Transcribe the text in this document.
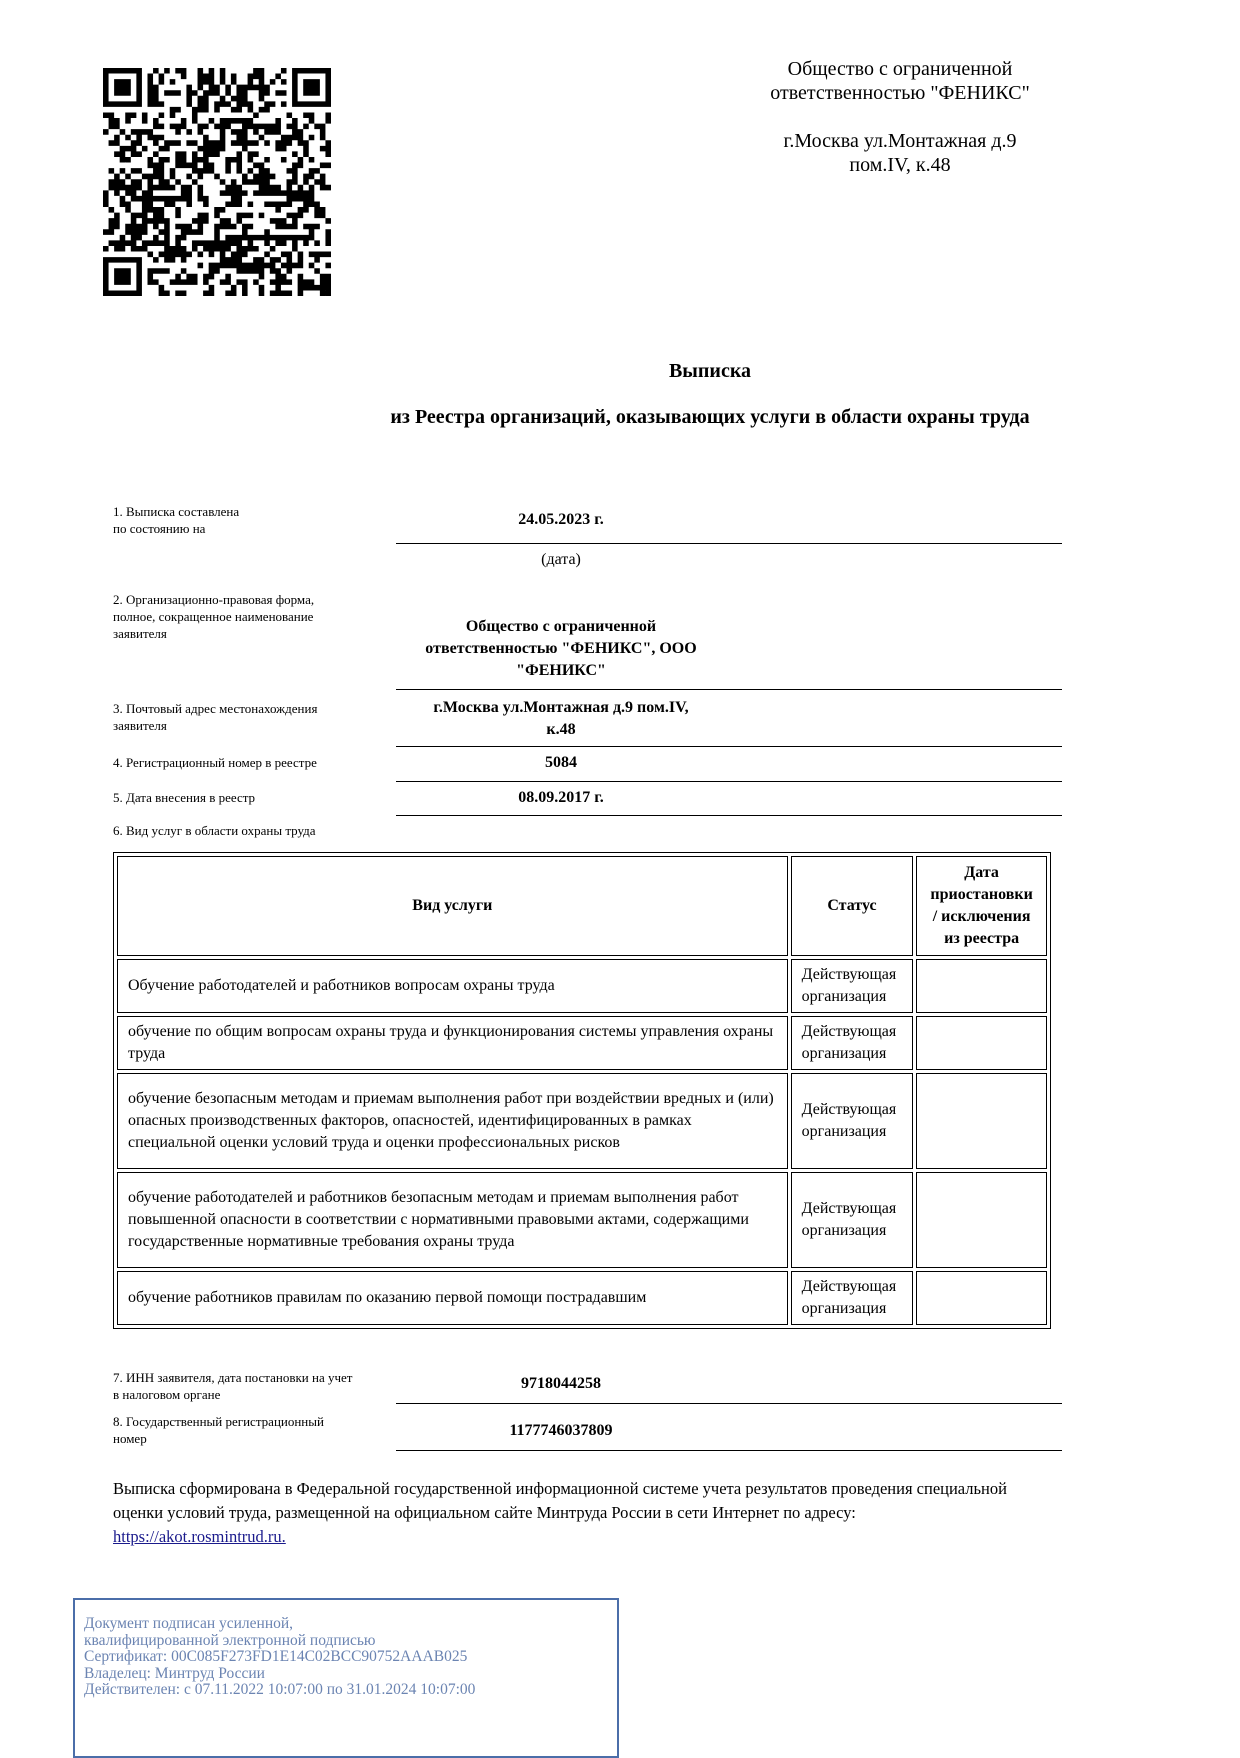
Общество с ограниченной
ответственностью "ФЕНИКС"
г.Москва ул.Монтажная д.9
пом.IV, к.48
Выписка
из Реестра организаций, оказывающих услуги в области охраны труда
1. Выписка составлена
по состоянию на
24.05.2023 г.
(дата)
2. Организационно-правовая форма,
полное, сокращенное наименование
заявителя	Общество с ограниченной
ответственностью "ФЕНИКС", ООО
"ФЕНИКС"
3. Почтовый адрес местонахождения
заявителя
г.Москва ул.Монтажная д.9 пом.IV,
к.48
4. Регистрационный номер в реестре	5084
5. Дата внесения в реестр	08.09.2017 г.
6. Вид услуг в области охраны труда
Вид услуги	Статус	Дата
приостановки
/ исключения
из реестра
Обучение работодателей и работников вопросам охраны труда	Действующая
организация	
обучение по общим вопросам охраны труда и функционирования системы управления охраны труда	Действующая
организация	
обучение безопасным методам и приемам выполнения работ при воздействии вредных и (или) опасных производственных факторов, опасностей, идентифицированных в рамках специальной оценки условий труда и оценки профессиональных рисков	Действующая
организация	
обучение работодателей и работников безопасным методам и приемам выполнения работ повышенной опасности в соответствии с нормативными правовыми актами, содержащими государственные нормативные требования охраны труда	Действующая
организация	
обучение работников правилам по оказанию первой помощи пострадавшим	Действующая
организация	
7. ИНН заявителя, дата постановки на учет
в налоговом органе
9718044258
8. Государственный регистрационный
номер	1177746037809
Выписка сформирована в Федеральной государственной информационной системе учета результатов проведения специальной оценки условий труда, размещенной на официальном сайте Минтруда России в сети Интернет по адресу:
https://akot.rosmintrud.ru.
Документ подписан усиленной,
квалифицированной электронной подписью
Сертификат: 00C085F273FD1E14C02BCC90752AAAB025
Владелец: Минтруд России
Действителен: с 07.11.2022 10:07:00 по 31.01.2024 10:07:00
